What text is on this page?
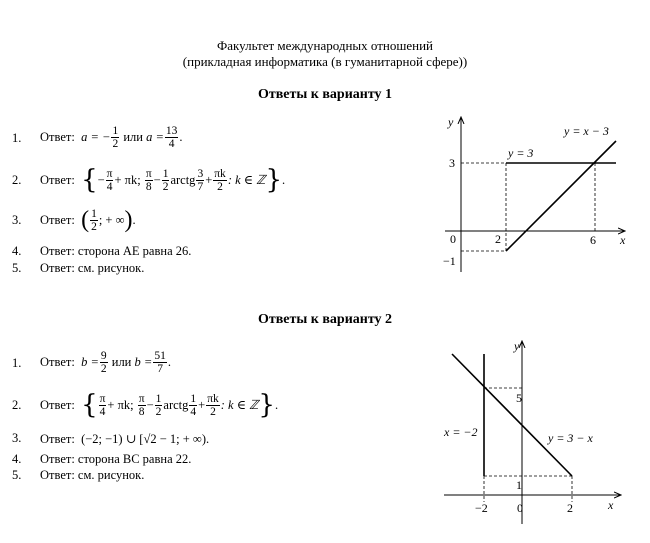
Факультет международных отношений
(прикладная информатика (в гуманитарной сфере))
Ответы к варианту 1
1. Ответ:
a = − $\frac{1}{2}$
или
$a = \frac{13}{4}$ .
2. Ответ:
{ − $\frac{\pi}{4} + \pi k$;
$\frac{\pi}{8} - \frac{1}{2}$ arctg $\frac{3}{7} + \frac{\pi k}{2}$ : k ∈ ℤ } .
3. Ответ:
( $\frac{1}{2}$ ; + ∞ ) .
4. Ответ: сторона AE равна 26.
5. Ответ: см. рисунок.
y
x
y = x − 3
y = 3
0	2	6
3
−1
Ответы к варианту 2
1. Ответ:
$b = \frac{9}{2}$
или
$b = \frac{51}{7}$ .
2. Ответ:
{ $\frac{\pi}{4} + \pi k$;
$\frac{\pi}{8} - \frac{1}{2}$ arctg $\frac{1}{4} + \frac{\pi k}{2}$ : k ∈ ℤ } .
3. Ответ: (−2; −1) ∪ [√2 − 1; + ∞).
4. Ответ: сторона BC равна 22.
5. Ответ: см. рисунок.
y
x
y = 3 − x
x = −2
0
−2	2
5
1
